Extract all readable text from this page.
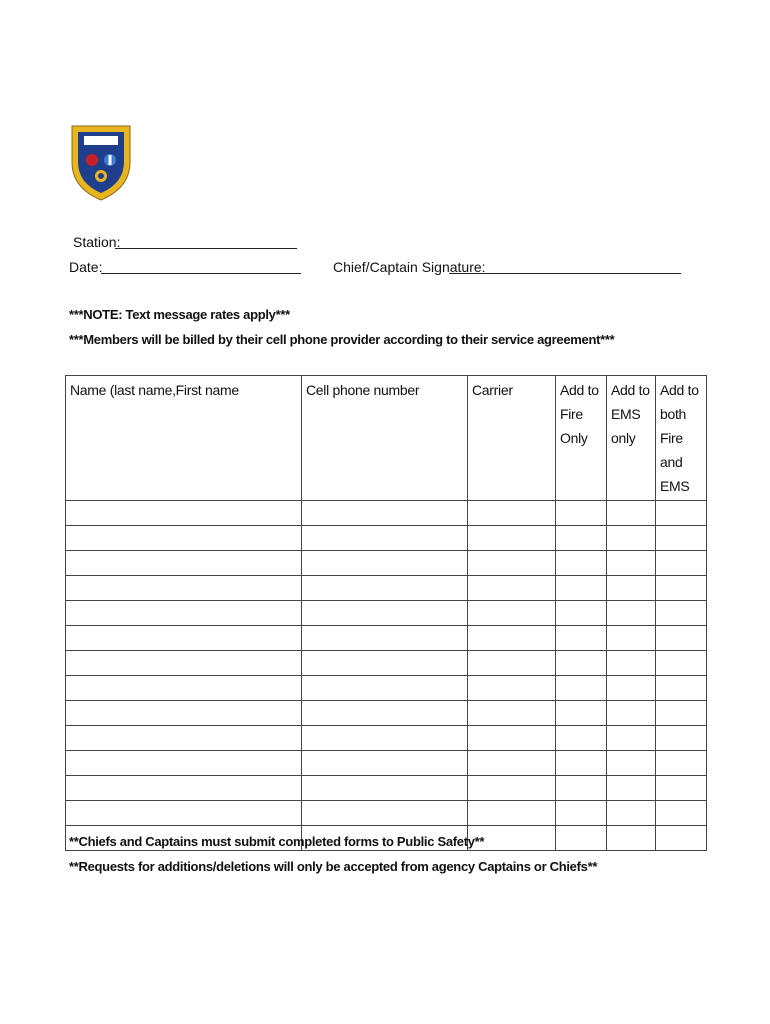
Station:
Date:	Chief/Captain Signature:
***NOTE: Text message rates apply***
***Members will be billed by their cell phone provider according to their service agreement***
Name (last name,First name	Cell phone number	Carrier	Add to Fire Only	Add to EMS only	Add to both Fire and EMS

**Chiefs and Captains must submit completed forms to Public Safety**
**Requests for additions/deletions will only be accepted from agency Captains or Chiefs**
